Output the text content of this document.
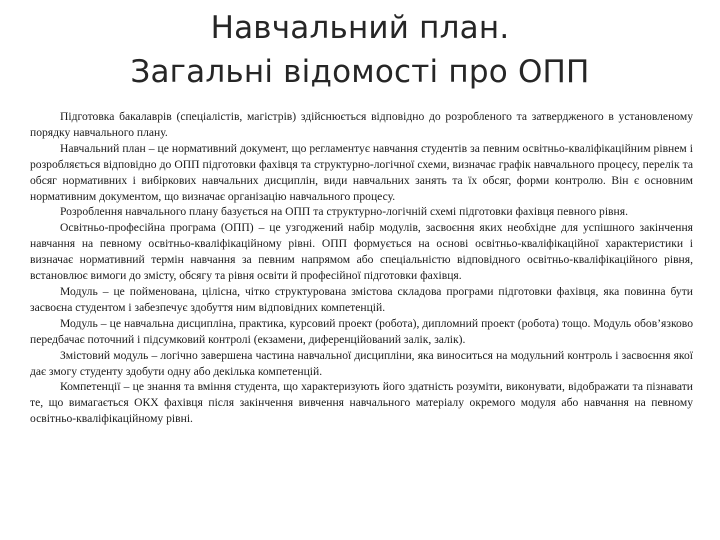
Навчальний план.
Загальні відомості про ОПП

Підготовка бакалаврів (спеціалістів, магістрів) здійснюється відповідно до розробленого та затвердженого в установленому порядку навчального плану.

Навчальний план – це нормативний документ, що регламентує навчання студентів за певним освітньо-кваліфікаційним рівнем і розробляється відповідно до ОПП підготовки фахівця та структурно-логічної схеми, визначає графік навчального процесу, перелік та обсяг нормативних і вибіркових навчальних дисциплін, види навчальних занять та їх обсяг, форми контролю. Він є основним нормативним документом, що визначає організацію навчального процесу.

Розроблення навчального плану базується на ОПП та структурно-логічній схемі підготовки фахівця певного рівня.

Освітньо-професійна програма (ОПП) – це узгоджений набір модулів, засвоєння яких необхідне для успішного закінчення навчання на певному освітньо-кваліфікаційному рівні. ОПП формується на основі освітньо-кваліфікаційної характеристики і визначає нормативний термін навчання за певним напрямом або спеціальністю відповідного освітньо-кваліфікаційного рівня, встановлює вимоги до змісту, обсягу та рівня освіти й професійної підготовки фахівця.

Модуль – це пойменована, цілісна, чітко структурована змістова складова програми підготовки фахівця, яка повинна бути засвоєна студентом і забезпечує здобуття ним відповідних компетенцій.

Модуль – це навчальна дисципліна, практика, курсовий проект (робота), дипломний проект (робота) тощо. Модуль обов’язково передбачає поточний і підсумковий контролі (екзамени, диференційований залік, залік).

Змістовий модуль – логічно завершена частина навчальної дисципліни, яка виноситься на модульний контроль і засвоєння якої дає змогу студенту здобути одну або декілька компетенцій.

Компетенції – це знання та вміння студента, що характеризують його здатність розуміти, виконувати, відображати та пізнавати те, що вимагається ОКХ фахівця після закінчення вивчення навчального матеріалу окремого модуля або навчання на певному освітньо-кваліфікаційному рівні.
